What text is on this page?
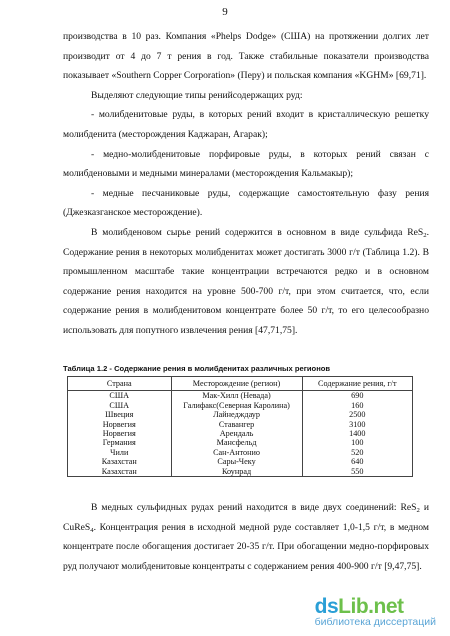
9

производства в 10 раз. Компания «Phelps Dodge» (США) на протяжении долгих лет производит от 4 до 7 т рения в год. Также стабильные показатели производства показывает «Southern Copper Corporation» (Перу) и польская компания «KGHM» [69,71].

Выделяют следующие типы ренийсодержащих руд:

- молибденитовые руды, в которых рений входит в кристаллическую решетку молибденита (месторождения Каджаран, Агарак);

- медно-молибденитовые порфировые руды, в которых рений связан с молибденовыми и медными минералами (месторождения Кальмакыр);

- медные песчаниковые руды, содержащие самостоятельную фазу рения (Джезказганское месторождение).

В молибденовом сырье рений содержится в основном в виде сульфида ReS$_2$. Содержание рения в некоторых молибденитах может достигать 3000 г/т (Таблица 1.2). В промышленном масштабе такие концентрации встречаются редко и в основном содержание рения находится на уровне 500-700 г/т, при этом считается, что, если содержание рения в молибденитовом концентрате более 50 г/т, то его целесообразно использовать для попутного извлечения рения [47,71,75].

Таблица 1.2 - Содержание рения в молибденитах различных регионов
Страна	Месторождение (регион)	Содержание рения, г/т
США	Мак-Хилл (Невада)	690
США	Галифакс(Северная Каролина)	160
Швеция	Лайнедждаур	2500
Норвегия	Ставангер	3100
Норвегия	Арендаль	1400
Германия	Мансфельд	100
Чили	Сан-Антонио	520
Казахстан	Сары-Чеку	640
Казахстан	Коунрад	550

В медных сульфидных рудах рений находится в виде двух соединений: ReS$_2$ и CuReS$_4$. Концентрация рения в исходной медной руде составляет 1,0-1,5 г/т, в медном концентрате после обогащения достигает 20-35 г/т. При обогащении медно-порфировых руд получают молибденитовые концентраты с содержанием рения 400-900 г/т [9,47,75].

dsLib.net
библиотека диссертаций
